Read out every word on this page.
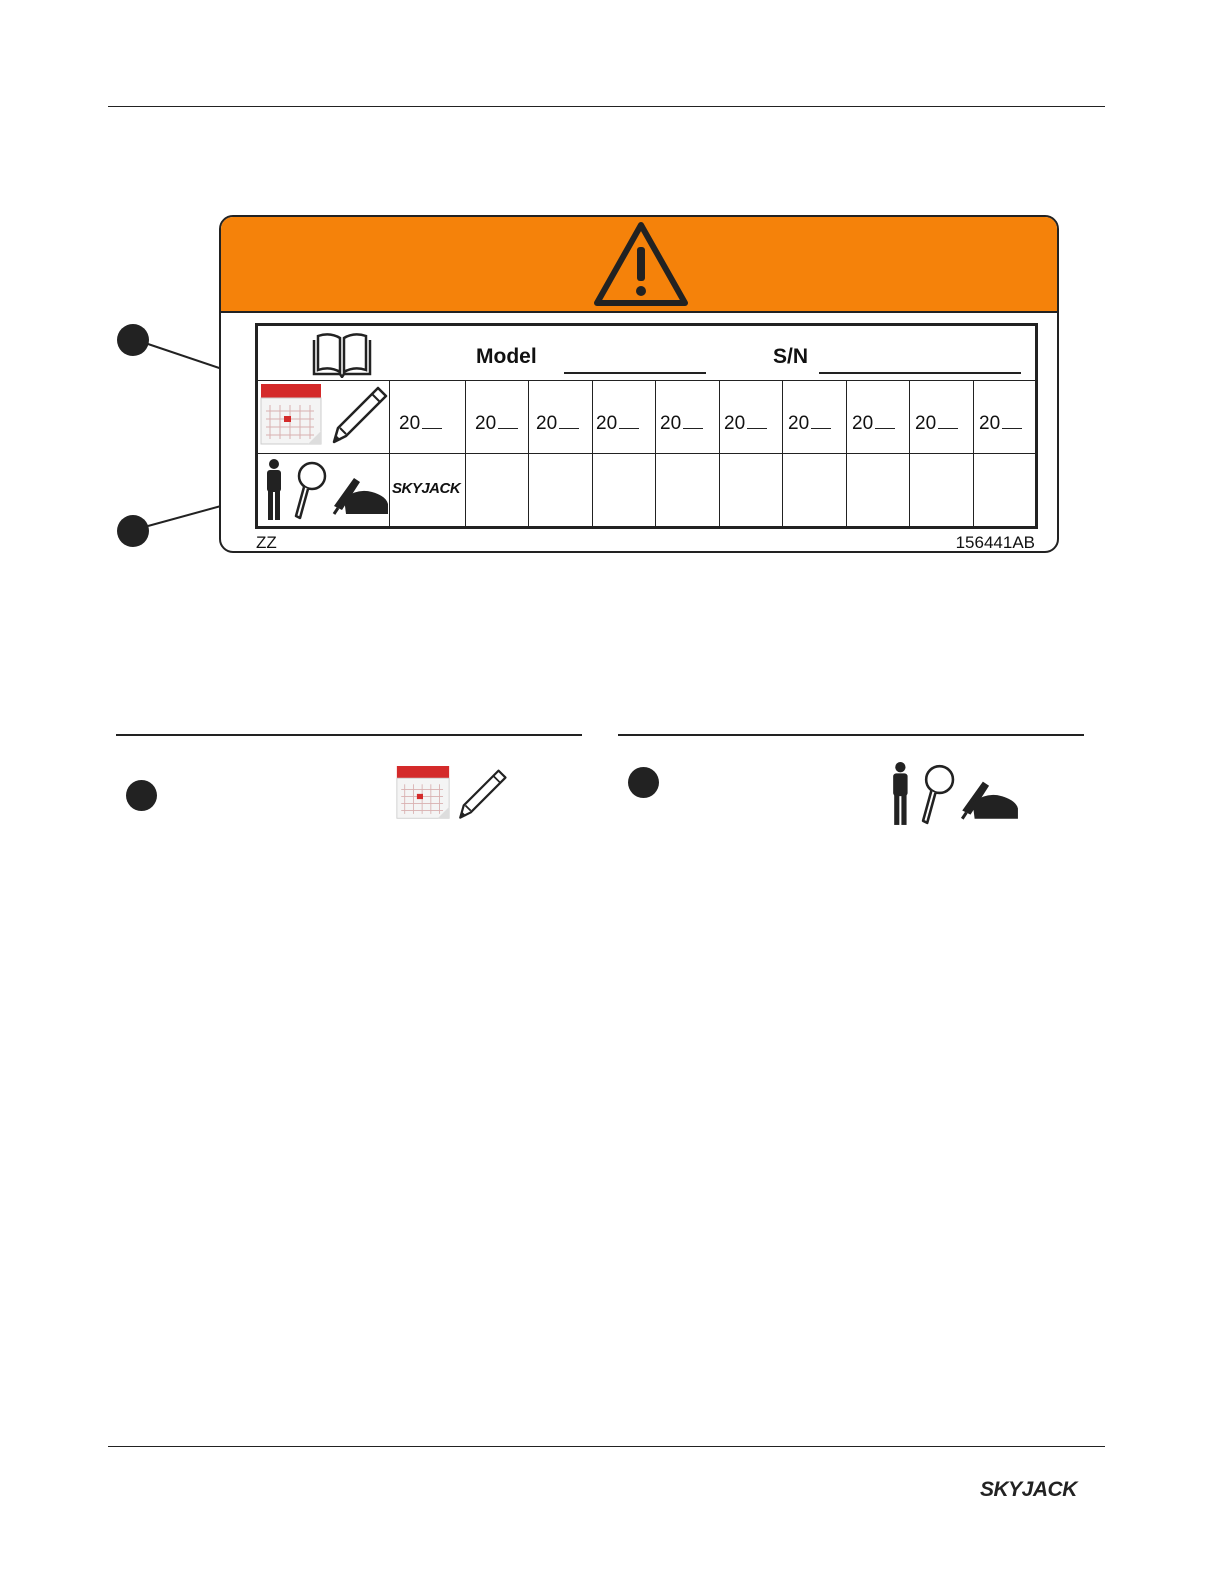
Model	S/N
20	20	20	20	20	20	20	20	20	20
SKYJACK
ZZ	156441AB
SKYJACK
